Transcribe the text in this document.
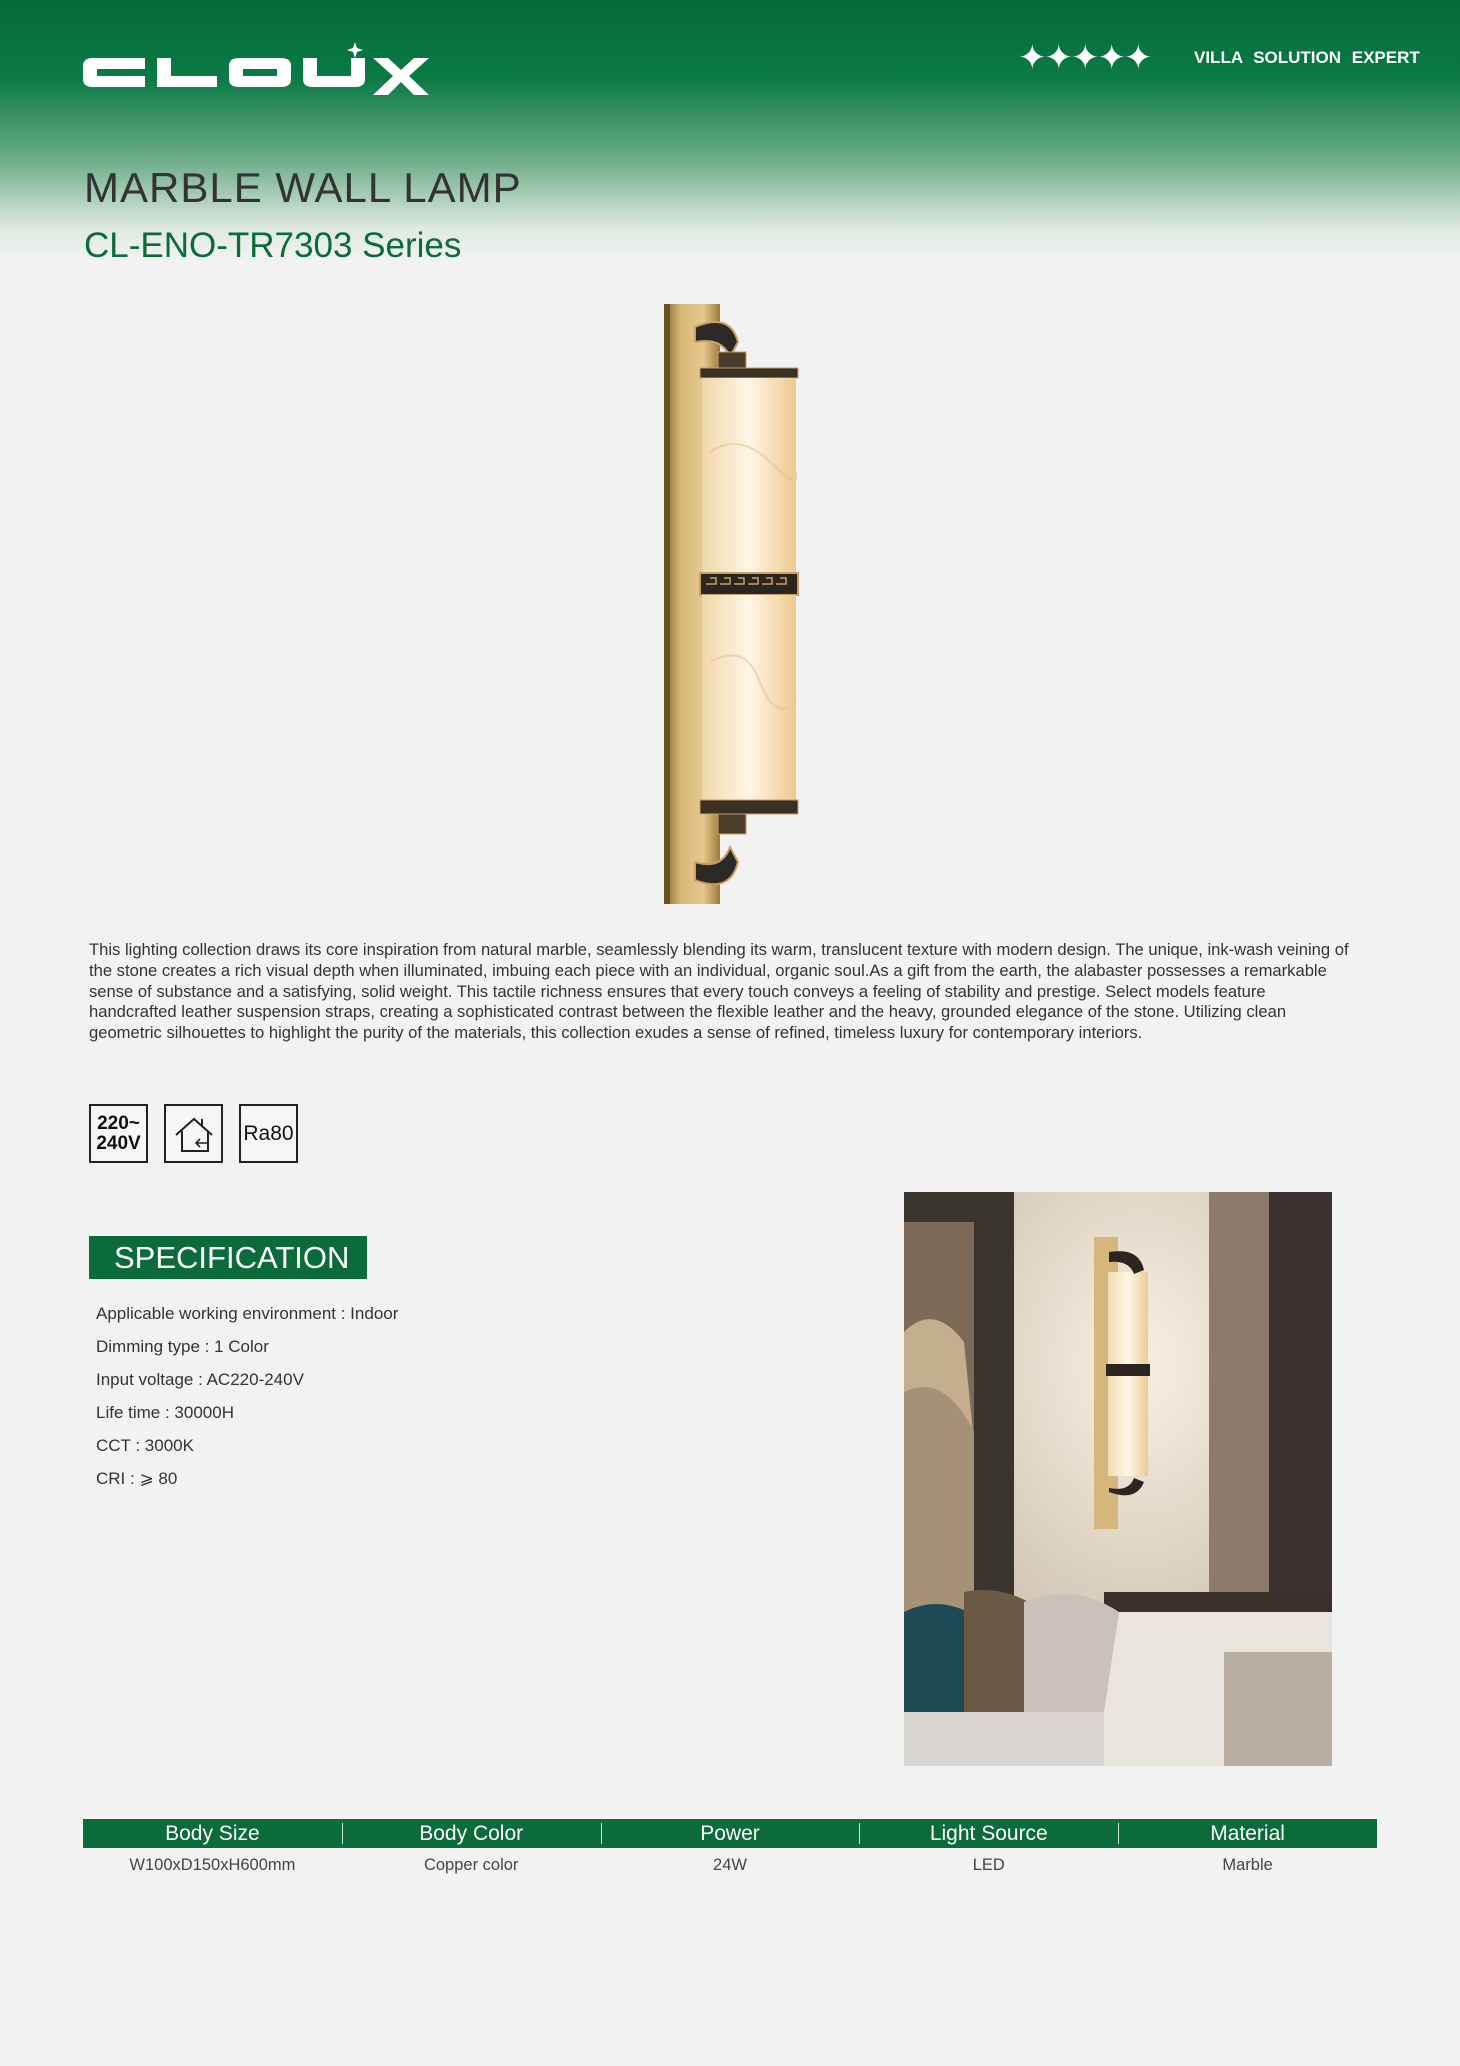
✦✦✦✦✦	VILLA SOLUTION EXPERT
MARBLE WALL LAMP
CL-ENO-TR7303 Series

This lighting collection draws its core inspiration from natural marble, seamlessly blending its warm, translucent texture with modern design. The unique, ink-wash veining of the stone creates a rich visual depth when illuminated, imbuing each piece with an individual, organic soul.As a gift from the earth, the alabaster possesses a remarkable sense of substance and a satisfying, solid weight. This tactile richness ensures that every touch conveys a feeling of stability and prestige. Select models feature handcrafted leather suspension straps, creating a sophisticated contrast between the flexible leather and the heavy, grounded elegance of the stone. Utilizing clean geometric silhouettes to highlight the purity of the materials, this collection exudes a sense of refined, timeless luxury for contemporary interiors.

220~
240V	Ra80
SPECIFICATION
Applicable working environment : Indoor
Dimming type : 1 Color
Input voltage : AC220-240V
Life time : 30000H
CCT : 3000K
CRI : ⩾ 80
Body Size	Body Color	Power	Light Source	Material
W100xD150xH600mm	Copper color	24W	LED	Marble
